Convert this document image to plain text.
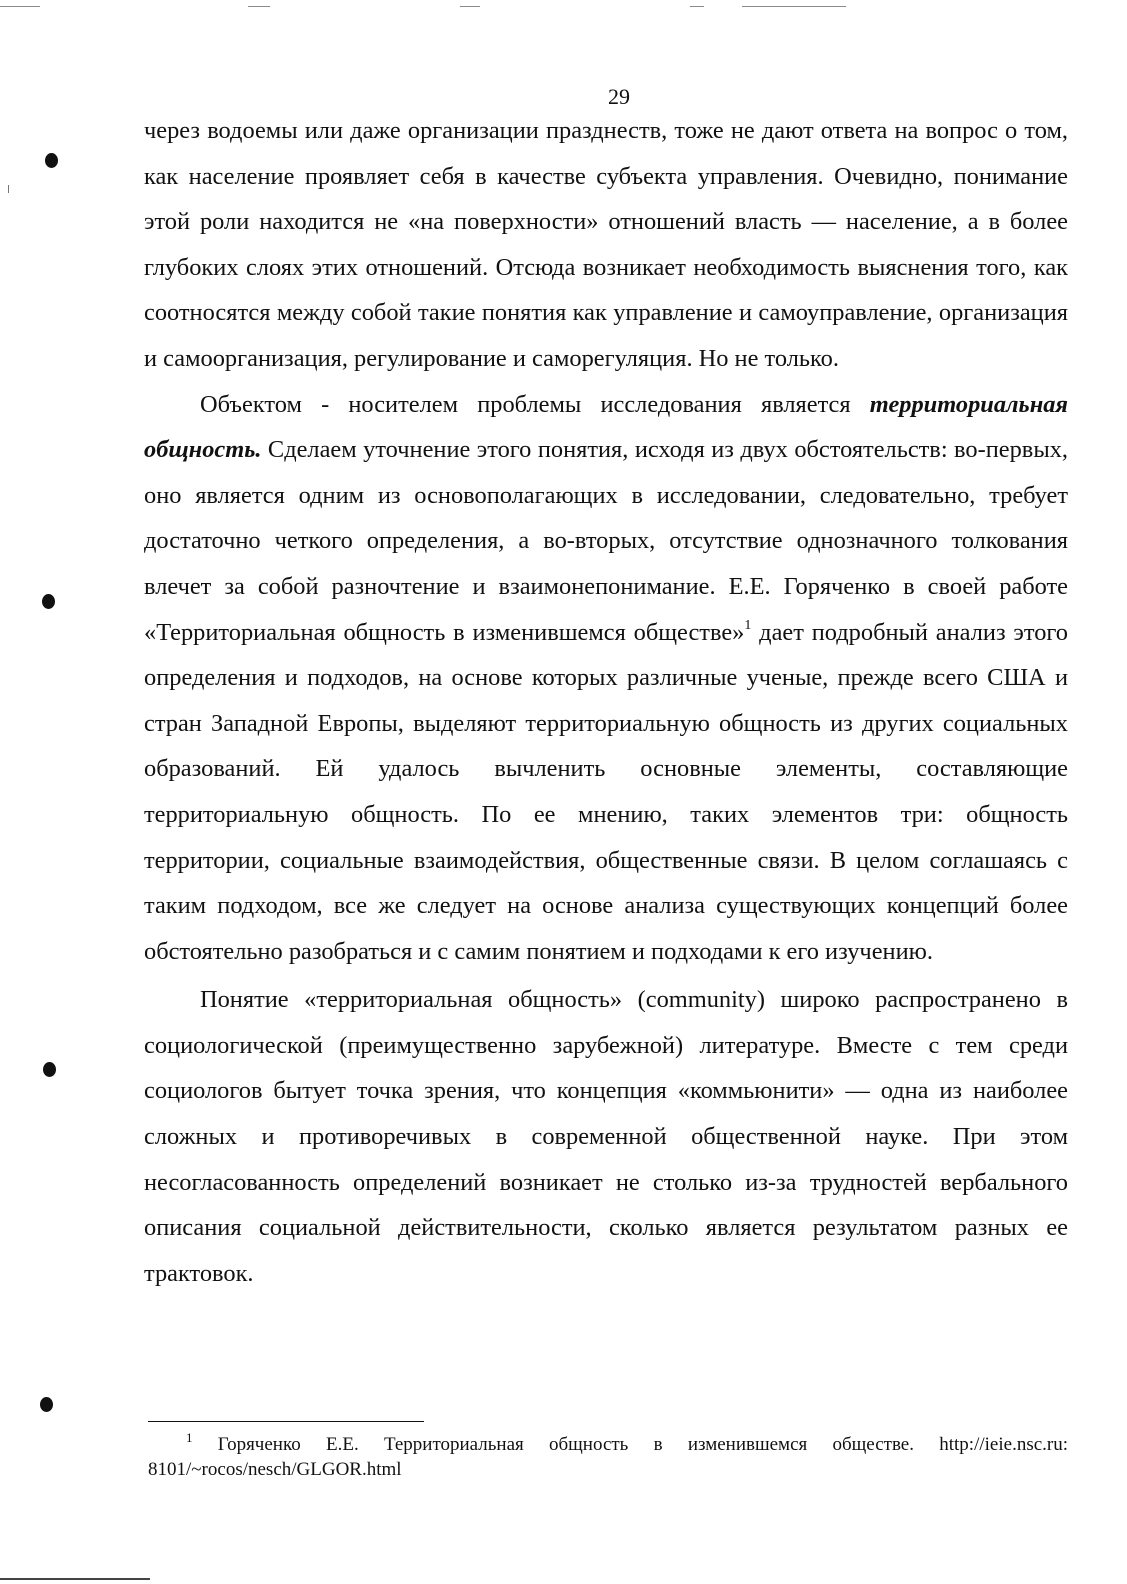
29

через водоемы или даже организации празднеств, тоже не дают ответа на вопрос о том, как население проявляет себя в качестве субъекта управления. Очевидно, понимание этой роли находится не «на поверхности» отношений власть — население, а в более глубоких слоях этих отношений. Отсюда возникает необходимость выяснения того, как соотносятся между собой такие понятия как управление и самоуправление, организация и самоорганизация, регулирование и саморегуляция. Но не только.

Объектом - носителем проблемы исследования является территориальная общность. Сделаем уточнение этого понятия, исходя из двух обстоятельств: во-первых, оно является одним из основополагающих в исследовании, следовательно, требует достаточно четкого определения, а во-вторых, отсутствие однозначного толкования влечет за собой разночтение и взаимонепонимание. Е.Е. Горяченко в своей работе «Территориальная общность в изменившемся обществе»$^1$ дает подробный анализ этого определения и подходов, на основе которых различные ученые, прежде всего США и стран Западной Европы, выделяют территориальную общность из других социальных образований. Ей удалось вычленить основные элементы, составляющие территориальную общность. По ее мнению, таких элементов три: общность территории, социальные взаимодействия, общественные связи. В целом соглашаясь с таким подходом, все же следует на основе анализа существующих концепций более обстоятельно разобраться и с самим понятием и подходами к его изучению.

Понятие «территориальная общность» (community) широко распространено в социологической (преимущественно зарубежной) литературе. Вместе с тем среди социологов бытует точка зрения, что концепция «коммьюнити» — одна из наиболее сложных и противоречивых в современной общественной науке. При этом несогласованность определений возникает не столько из-за трудностей вербального описания социальной действительности, сколько является результатом разных ее трактовок.

$^1$ Горяченко Е.Е. Территориальная общность в изменившемся обществе. http://ieie.nsc.ru: 8101/~rocos/nesch/GLGOR.html
